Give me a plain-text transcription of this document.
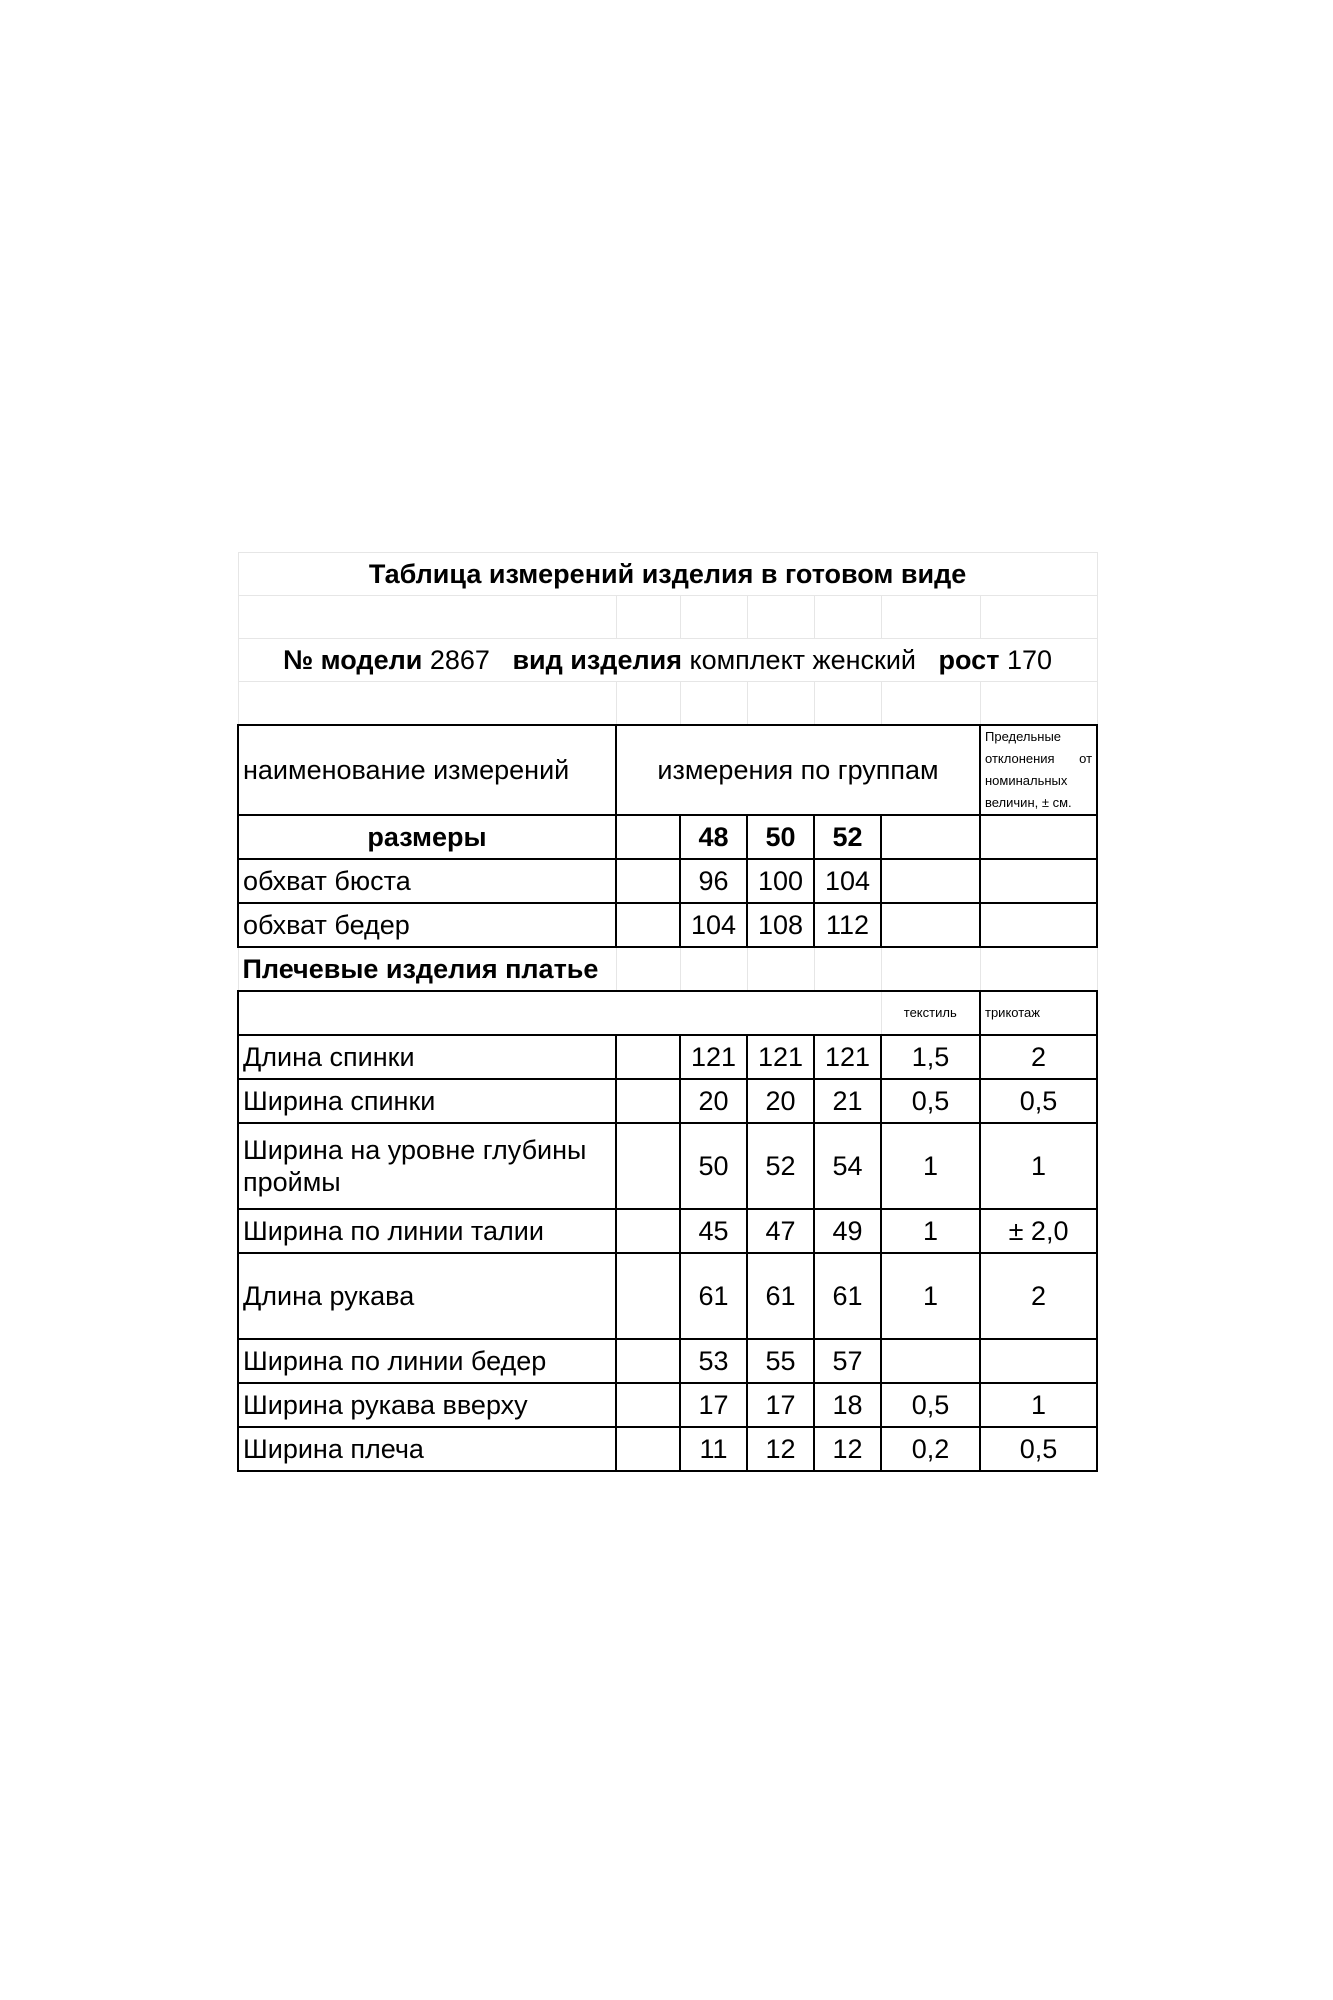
Таблица измерений изделия в готовом виде						

№ модели 2867 вид изделия комплект женский рост 170						

наименование измерений	измерения по группам					Предельные отклонения от номинальных величин, ± см.
размеры		48	50	52		
обхват бюста		96	100	104		
обхват бедер		104	108	112		
Плечевые изделия платье						
					текстиль	трикотаж
Длина спинки		121	121	121	1,5	2
Ширина спинки		20	20	21	0,5	0,5
Ширина на уровне глубины проймы		50	52	54	1	1
Ширина по линии талии		45	47	49	1	± 2,0
Длина рукава		61	61	61	1	2
Ширина по линии бедер		53	55	57		
Ширина рукава вверху		17	17	18	0,5	1
Ширина плеча		11	12	12	0,2	0,5
